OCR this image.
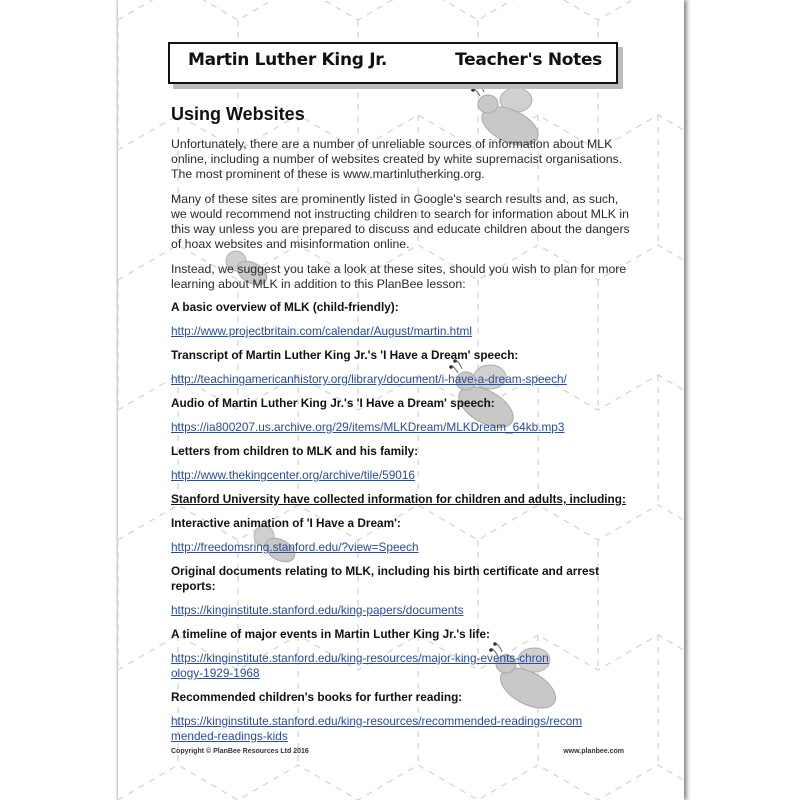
Martin Luther King Jr.	Teacher's Notes
Using Websites

Unfortunately, there are a number of unreliable sources of information about MLK online, including a number of websites created by white supremacist organisations. The most prominent of these is www.martinlutherking.org.

Many of these sites are prominently listed in Google's search results and, as such, we would recommend not instructing children to search for information about MLK in this way unless you are prepared to discuss and educate children about the dangers of hoax websites and misinformation online.

Instead, we suggest you take a look at these sites, should you wish to plan for more learning about MLK in addition to this PlanBee lesson:

A basic overview of MLK (child-friendly):

http://www.projectbritain.com/calendar/August/martin.html

Transcript of Martin Luther King Jr.'s 'I Have a Dream' speech:

http://teachingamericanhistory.org/library/document/i-have-a-dream-speech/

Audio of Martin Luther King Jr.'s 'I Have a Dream' speech:

https://ia800207.us.archive.org/29/items/MLKDream/MLKDream_64kb.mp3

Letters from children to MLK and his family:

http://www.thekingcenter.org/archive/tile/59016

Stanford University have collected information for children and adults, including:

Interactive animation of 'I Have a Dream':

http://freedomsring.stanford.edu/?view=Speech

Original documents relating to MLK, including his birth certificate and arrest reports:

https://kinginstitute.stanford.edu/king-papers/documents

A timeline of major events in Martin Luther King Jr.'s life:

https://kinginstitute.stanford.edu/king-resources/major-king-events-chronology-1929-1968

Recommended children's books for further reading:

https://kinginstitute.stanford.edu/king-resources/recommended-readings/recommended-readings-kids

Copyright © PlanBee Resources Ltd 2016	www.planbee.com
